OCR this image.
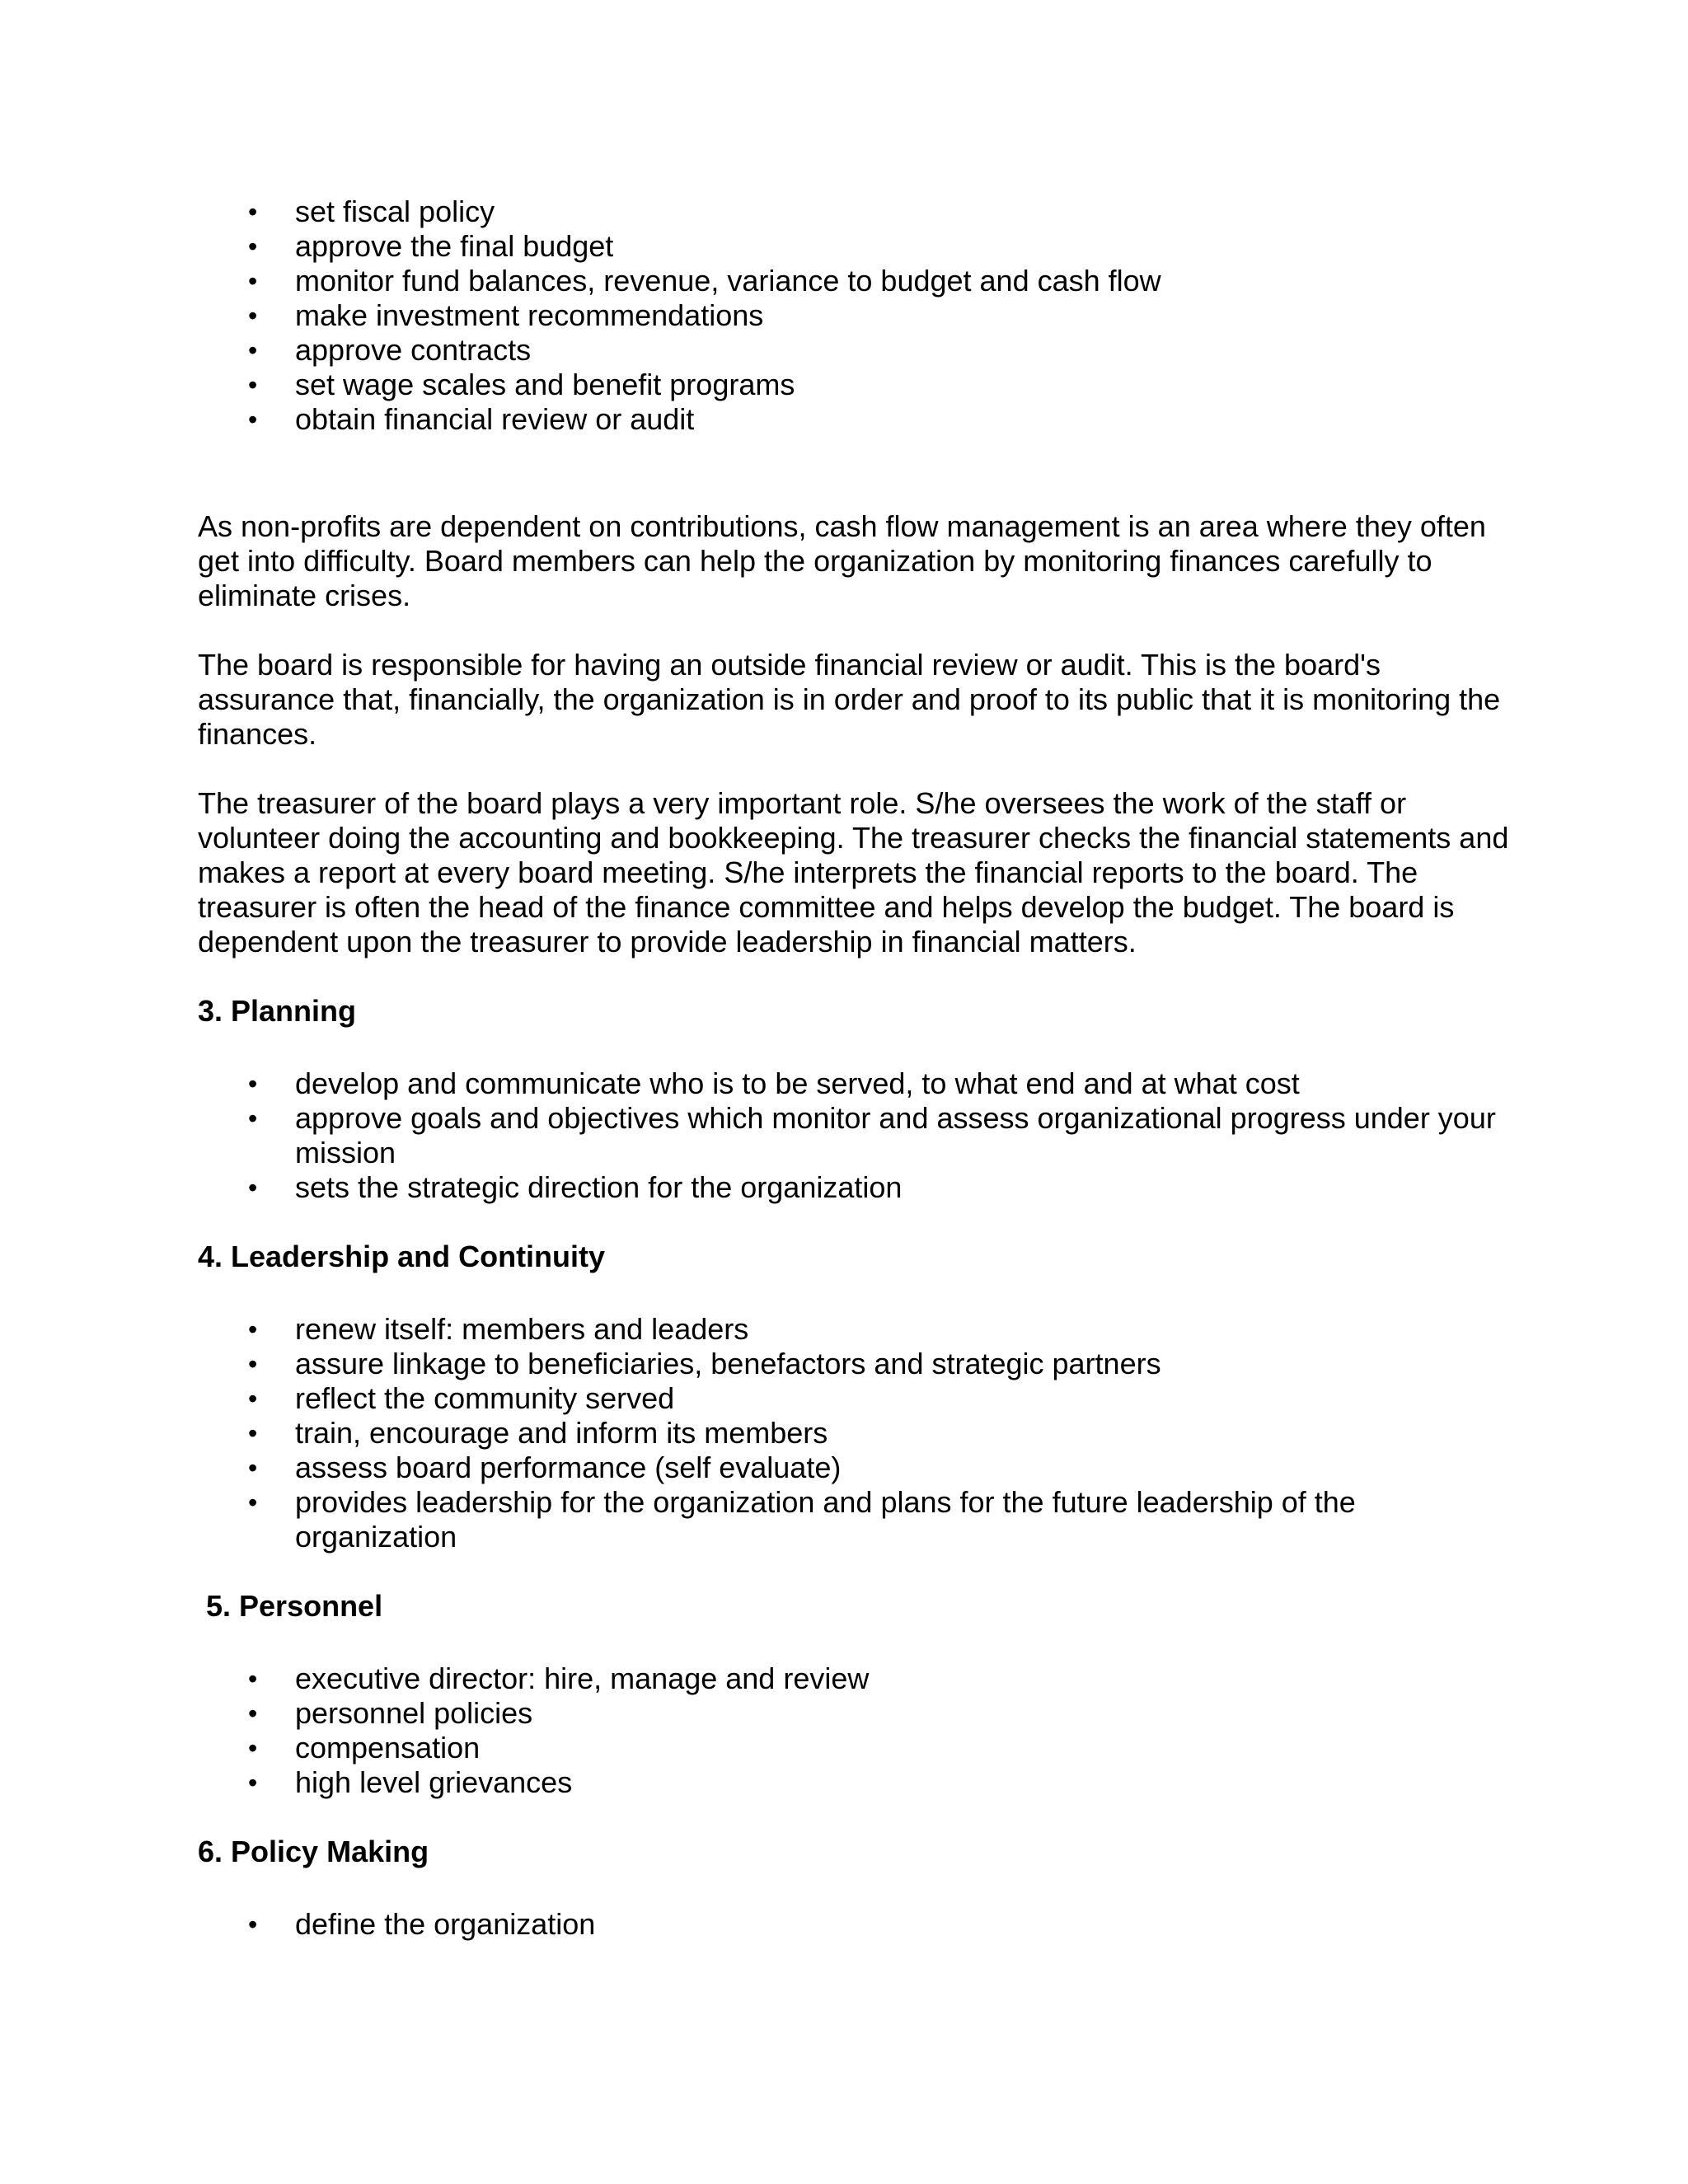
• set fiscal policy
• approve the final budget
• monitor fund balances, revenue, variance to budget and cash flow
• make investment recommendations
• approve contracts
• set wage scales and benefit programs
• obtain financial review or audit

As non-profits are dependent on contributions, cash flow management is an area where they often get into difficulty. Board members can help the organization by monitoring finances carefully to eliminate crises.

The board is responsible for having an outside financial review or audit. This is the board's assurance that, financially, the organization is in order and proof to its public that it is monitoring the finances.

The treasurer of the board plays a very important role. S/he oversees the work of the staff or volunteer doing the accounting and bookkeeping. The treasurer checks the financial statements and makes a report at every board meeting. S/he interprets the financial reports to the board. The treasurer is often the head of the finance committee and helps develop the budget. The board is dependent upon the treasurer to provide leadership in financial matters.

3. Planning
• develop and communicate who is to be served, to what end and at what cost
• approve goals and objectives which monitor and assess organizational progress under your mission
• sets the strategic direction for the organization
4. Leadership and Continuity
• renew itself: members and leaders
• assure linkage to beneficiaries, benefactors and strategic partners
• reflect the community served
• train, encourage and inform its members
• assess board performance (self evaluate)
• provides leadership for the organization and plans for the future leadership of the organization
5. Personnel
• executive director: hire, manage and review
• personnel policies
• compensation
• high level grievances
6. Policy Making
• define the organization
